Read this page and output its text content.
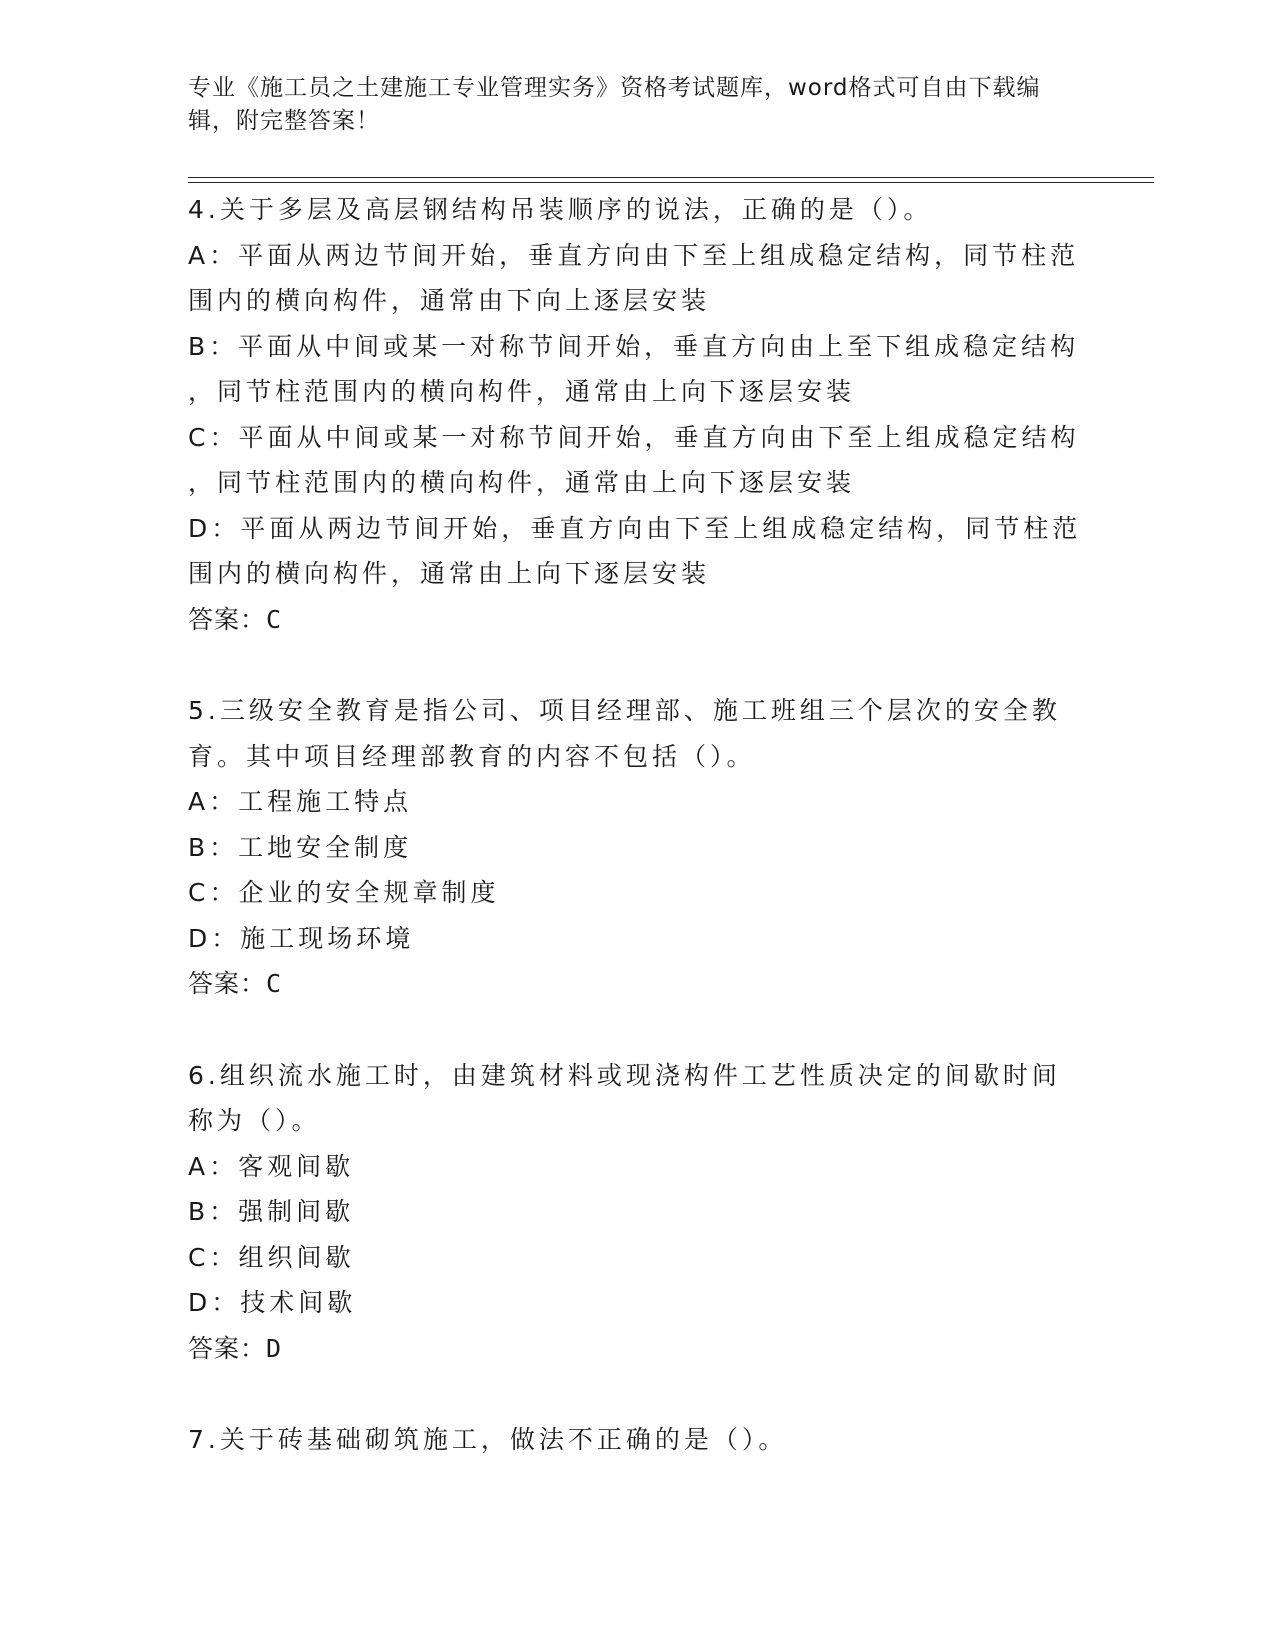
专业《施工员之土建施工专业管理实务》资格考试题库，word格式可自由下载编
辑，附完整答案！
4.关于多层及高层钢结构吊装顺序的说法，正确的是（）。
A：平面从两边节间开始，垂直方向由下至上组成稳定结构，同节柱范
围内的横向构件，通常由下向上逐层安装
B：平面从中间或某一对称节间开始，垂直方向由上至下组成稳定结构
，同节柱范围内的横向构件，通常由上向下逐层安装
C：平面从中间或某一对称节间开始，垂直方向由下至上组成稳定结构
，同节柱范围内的横向构件，通常由上向下逐层安装
D：平面从两边节间开始，垂直方向由下至上组成稳定结构，同节柱范
围内的横向构件，通常由上向下逐层安装
答案：C
5.三级安全教育是指公司、项目经理部、施工班组三个层次的安全教
育。其中项目经理部教育的内容不包括（）。
A：工程施工特点
B：工地安全制度
C：企业的安全规章制度
D：施工现场环境
答案：C
6.组织流水施工时，由建筑材料或现浇构件工艺性质决定的间歇时间
称为（）。
A：客观间歇
B：强制间歇
C：组织间歇
D：技术间歇
答案：D
7.关于砖基础砌筑施工，做法不正确的是（）。
